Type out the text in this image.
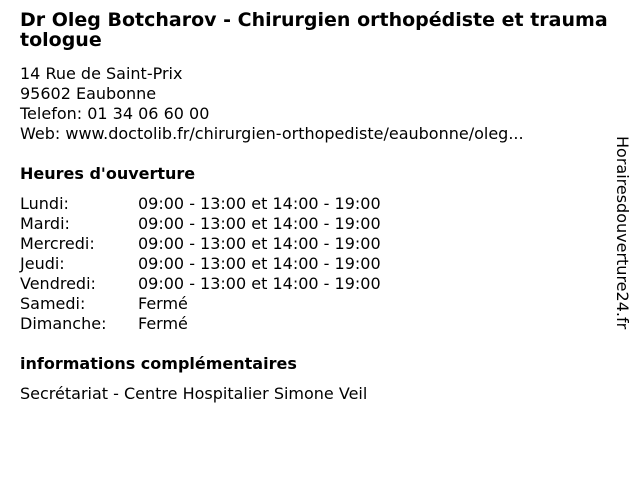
Dr Oleg Botcharov - Chirurgien orthopédiste et traumatologue
14 Rue de Saint-Prix
95602 Eaubonne
Telefon: 01 34 06 60 00
Web: www.doctolib.fr/chirurgien-orthopediste/eaubonne/oleg...
Heures d'ouverture
Lundi:	09:00 - 13:00 et 14:00 - 19:00
Mardi:	09:00 - 13:00 et 14:00 - 19:00
Mercredi:	09:00 - 13:00 et 14:00 - 19:00
Jeudi:	09:00 - 13:00 et 14:00 - 19:00
Vendredi:	09:00 - 13:00 et 14:00 - 19:00
Samedi:	Fermé
Dimanche:	Fermé
informations complémentaires
Secrétariat - Centre Hospitalier Simone Veil
Horairesdouverture24.fr
